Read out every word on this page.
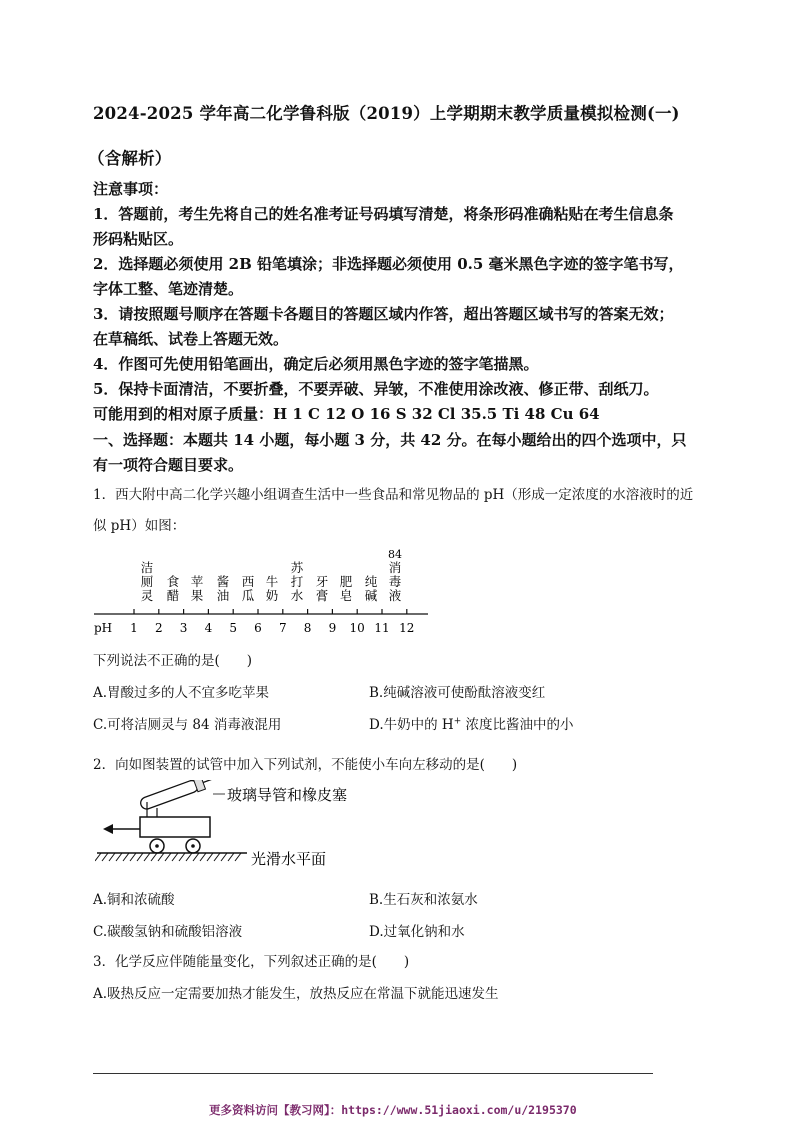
2024-2025 学年高二化学鲁科版（2019）上学期期末教学质量模拟检测(一)
（含解析）
注意事项：
1．答题前，考生先将自己的姓名准考证号码填写清楚，将条形码准确粘贴在考生信息条
形码粘贴区。
2．选择题必须使用 2B 铅笔填涂；非选择题必须使用 0.5 毫米黑色字迹的签字笔书写，
字体工整、笔迹清楚。
3．请按照题号顺序在答题卡各题目的答题区域内作答，超出答题区域书写的答案无效；
在草稿纸、试卷上答题无效。
4．作图可先使用铅笔画出，确定后必须用黑色字迹的签字笔描黑。
5．保持卡面清洁，不要折叠，不要弄破、异皱，不准使用涂改液、修正带、刮纸刀。
可能用到的相对原子质量：H 1 C 12 O 16 S 32 Cl 35.5 Ti 48 Cu 64
一、选择题：本题共 14 小题，每小题 3 分，共 42 分。在每小题给出的四个选项中，只
有一项符合题目要求。
1．西大附中高二化学兴趣小组调查生活中一些食品和常见物品的 pH（形成一定浓度的水溶液时的近
似 pH）如图：
洁
厕
灵
食
醋
苹
果
酱
油
西
瓜
牛
奶
苏
打
水
牙
膏
肥
皂
纯
碱
84
消
毒
液
pH 1 2 3 4 5 6 7 8 9 10 11 12
下列说法不正确的是(　　)
A.胃酸过多的人不宜多吃苹果	B.纯碱溶液可使酚酞溶液变红
C.可将洁厕灵与 84 消毒液混用	D.牛奶中的 H+ 浓度比酱油中的小
2．向如图装置的试管中加入下列试剂，不能使小车向左移动的是(　　)
玻璃导管和橡皮塞
光滑水平面
A.铜和浓硫酸	B.生石灰和浓氨水
C.碳酸氢钠和硫酸铝溶液	D.过氧化钠和水
3．化学反应伴随能量变化，下列叙述正确的是(　　)
A.吸热反应一定需要加热才能发生，放热反应在常温下就能迅速发生
更多资料访问【教习网】：https://www.51jiaoxi.com/u/2195370
